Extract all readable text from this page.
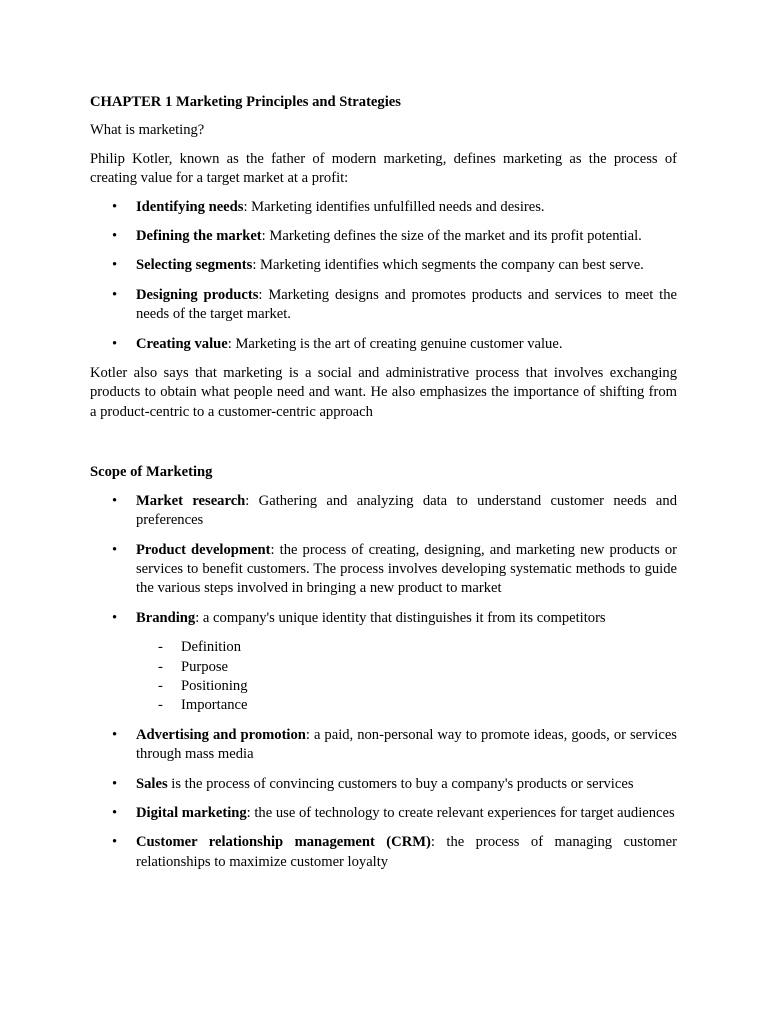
CHAPTER 1 Marketing Principles and Strategies

What is marketing?

Philip Kotler, known as the father of modern marketing, defines marketing as the process of creating value for a target market at a profit:

• Identifying needs: Marketing identifies unfulfilled needs and desires.
• Defining the market: Marketing defines the size of the market and its profit potential.
• Selecting segments: Marketing identifies which segments the company can best serve.
• Designing products: Marketing designs and promotes products and services to meet the needs of the target market.
• Creating value: Marketing is the art of creating genuine customer value.

Kotler also says that marketing is a social and administrative process that involves exchanging products to obtain what people need and want. He also emphasizes the importance of shifting from a product-centric to a customer-centric approach

Scope of Marketing
• Market research: Gathering and analyzing data to understand customer needs and preferences
• Product development: the process of creating, designing, and marketing new products or services to benefit customers. The process involves developing systematic methods to guide the various steps involved in bringing a new product to market
• Branding: a company's unique identity that distinguishes it from its competitors
- Definition
- Purpose
- Positioning
- Importance
• Advertising and promotion: a paid, non-personal way to promote ideas, goods, or services through mass media
• Sales is the process of convincing customers to buy a company's products or services
• Digital marketing: the use of technology to create relevant experiences for target audiences
• Customer relationship management (CRM): the process of managing customer relationships to maximize customer loyalty
